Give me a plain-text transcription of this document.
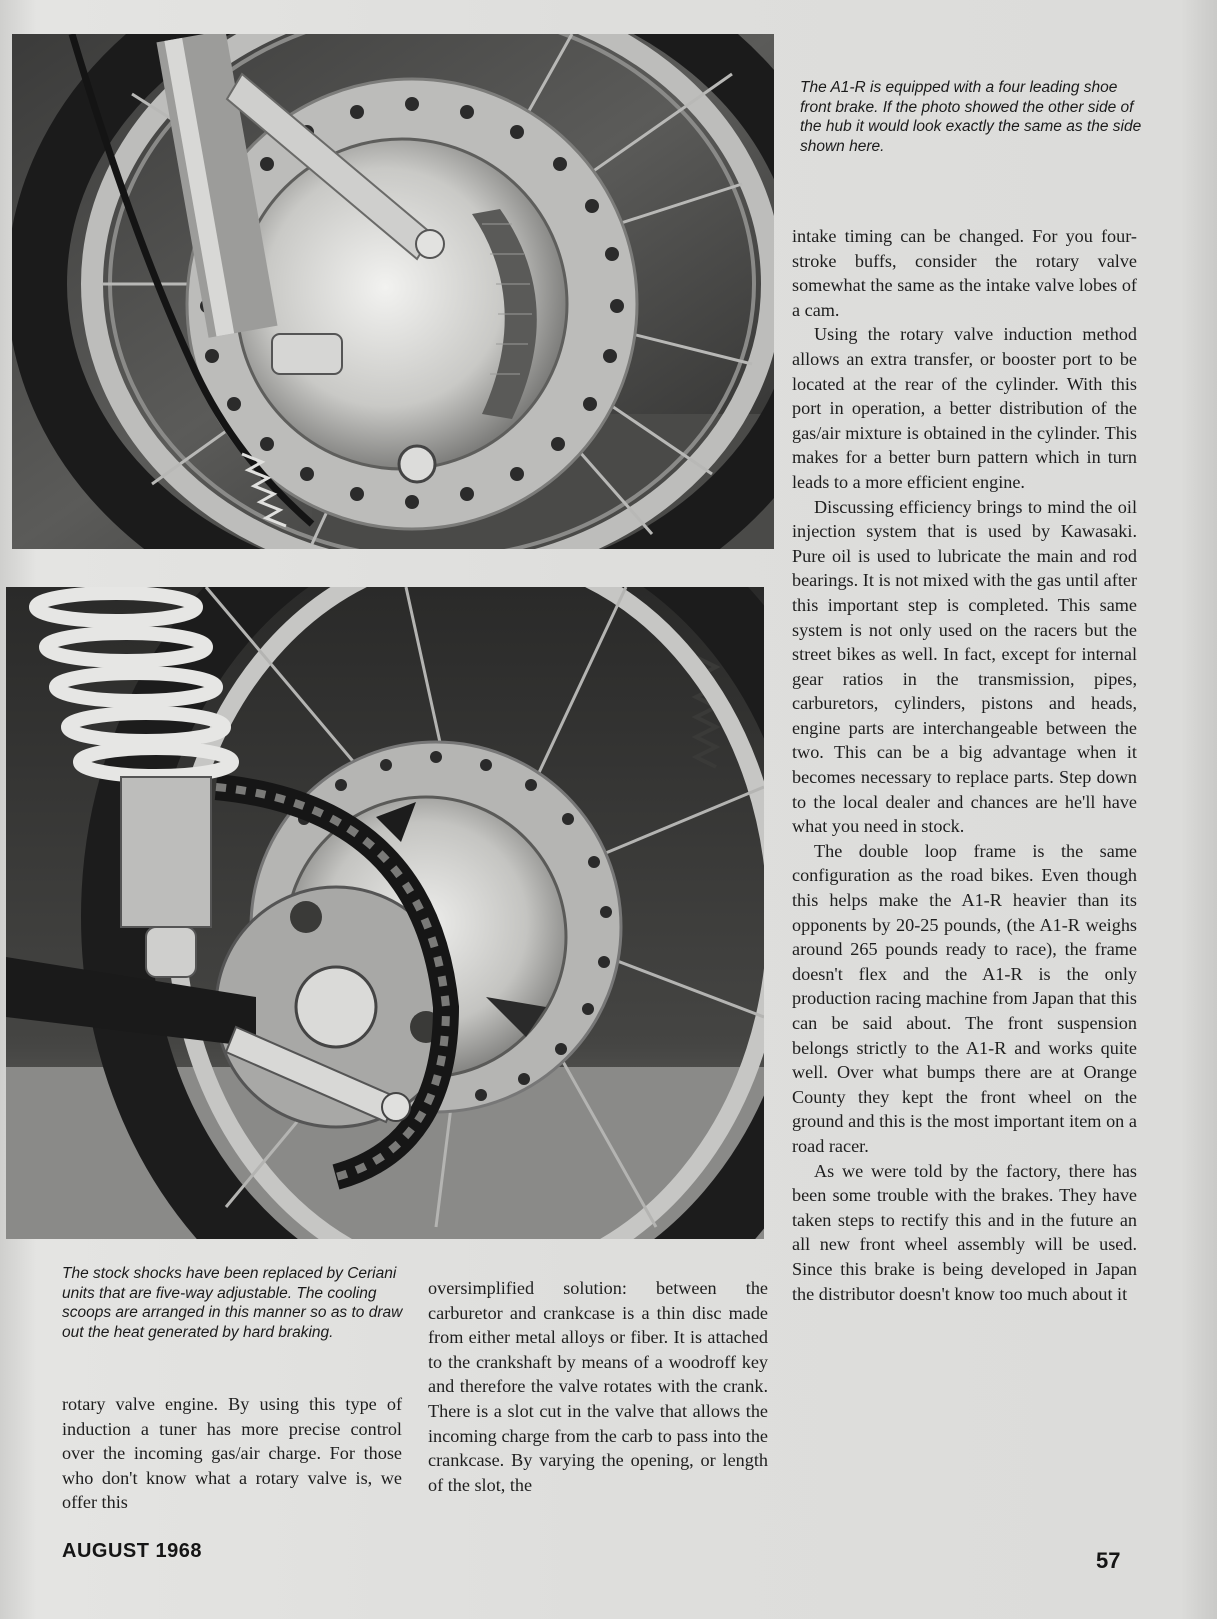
The A1-R is equipped with a four leading shoe front brake. If the photo showed the other side of the hub it would look exactly the same as the side shown here.
The stock shocks have been replaced by Ceriani units that are five-way adjustable. The cooling scoops are arranged in this manner so as to draw out the heat generated by hard braking.

rotary valve engine. By using this type of induction a tuner has more precise control over the incoming gas/air charge. For those who don't know what a rotary valve is, we offer this

oversimplified solution: between the carburetor and crankcase is a thin disc made from either metal alloys or fiber. It is attached to the crankshaft by means of a woodroff key and therefore the valve rotates with the crank. There is a slot cut in the valve that allows the incoming charge from the carb to pass into the crankcase. By varying the opening, or length of the slot, the

intake timing can be changed. For you four-stroke buffs, consider the rotary valve somewhat the same as the intake valve lobes of a cam.

Using the rotary valve induction method allows an extra transfer, or booster port to be located at the rear of the cylinder. With this port in operation, a better distribution of the gas/air mixture is obtained in the cylinder. This makes for a better burn pattern which in turn leads to a more efficient engine.

Discussing efficiency brings to mind the oil injection system that is used by Kawasaki. Pure oil is used to lubricate the main and rod bearings. It is not mixed with the gas until after this important step is completed. This same system is not only used on the racers but the street bikes as well. In fact, except for internal gear ratios in the transmission, pipes, carburetors, cylinders, pistons and heads, engine parts are interchangeable between the two. This can be a big advantage when it becomes necessary to replace parts. Step down to the local dealer and chances are he'll have what you need in stock.

The double loop frame is the same configuration as the road bikes. Even though this helps make the A1-R heavier than its opponents by 20-25 pounds, (the A1-R weighs around 265 pounds ready to race), the frame doesn't flex and the A1-R is the only production racing machine from Japan that this can be said about. The front suspension belongs strictly to the A1-R and works quite well. Over what bumps there are at Orange County they kept the front wheel on the ground and this is the most important item on a road racer.

As we were told by the factory, there has been some trouble with the brakes. They have taken steps to rectify this and in the future an all new front wheel assembly will be used. Since this brake is being developed in Japan the distributor doesn't know too much about it

AUGUST 1968	57
